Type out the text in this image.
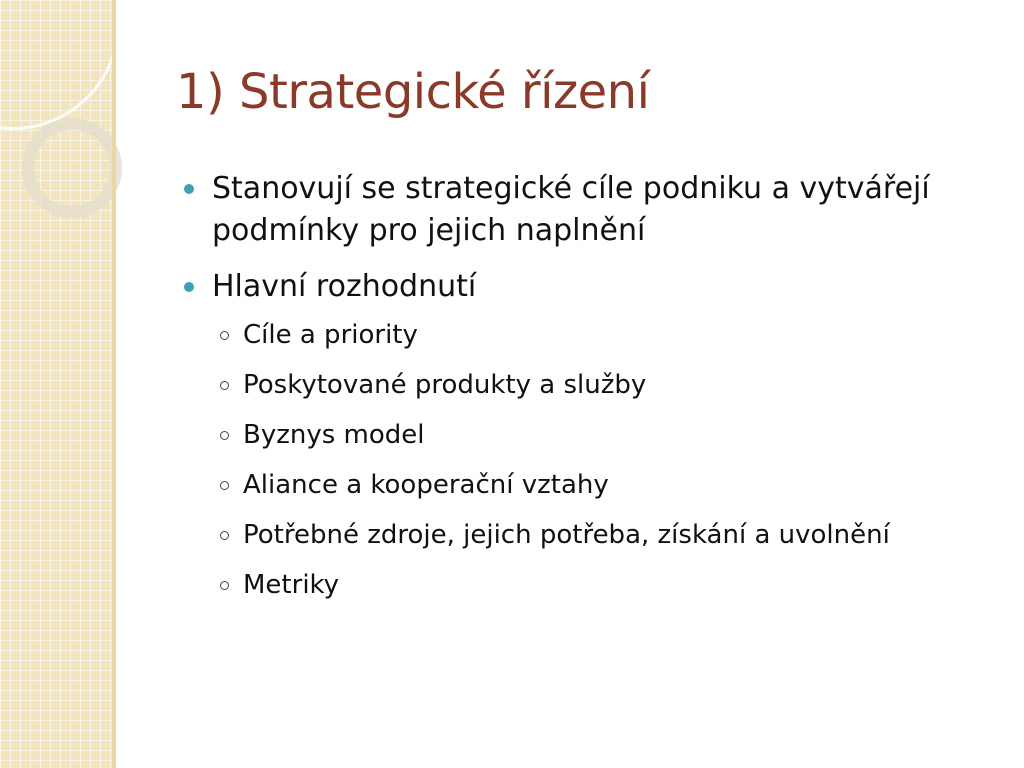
1) Strategické řízení
Stanovují se strategické cíle podniku a vytvářejí podmínky pro jejich naplnění
Hlavní rozhodnutí
Cíle a priority
Poskytované produkty a služby
Byznys model
Aliance a kooperační vztahy
Potřebné zdroje, jejich potřeba, získání a uvolnění
Metriky
